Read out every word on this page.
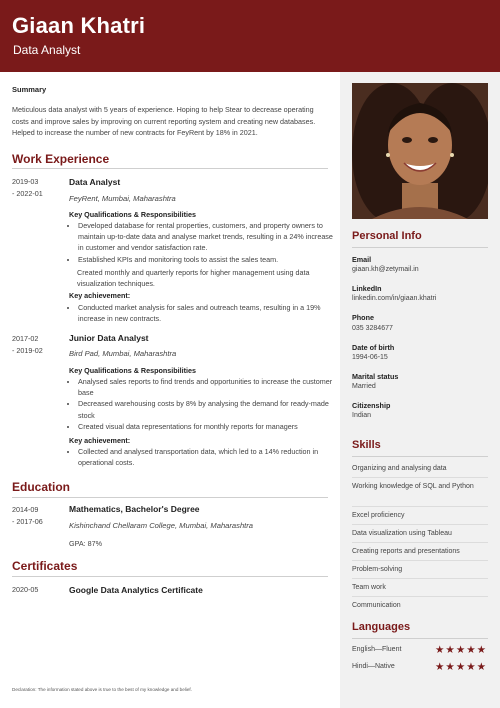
Giaan Khatri
Data Analyst
Summary
Meticulous data analyst with 5 years of experience. Hoping to help Stear to decrease operating costs and improve sales by improving on current reporting system and creating new databases. Helped to increase the number of new contracts for FeyRent by 18% in 2021.
Work Experience
2019-03
- 2022-01
Data Analyst
FeyRent, Mumbai, Maharashtra
Key Qualifications & Responsibilities
• Developed database for rental properties, customers, and property owners to maintain up-to-date data and analyse market trends, resulting in a 24% increase in customer and vendor satisfaction rate.
• Established KPIs and monitoring tools to assist the sales team.
Created monthly and quarterly reports for higher management using data visualization techniques.
Key achievement:
• Conducted market analysis for sales and outreach teams, resulting in a 19% increase in new contracts.
2017-02
- 2019-02
Junior Data Analyst
Bird Pad, Mumbai, Maharashtra
Key Qualifications & Responsibilities
• Analysed sales reports to find trends and opportunities to increase the customer base
• Decreased warehousing costs by 8% by analysing the demand for ready-made stock
• Created visual data representations for monthly reports for managers
Key achievement:
• Collected and analysed transportation data, which led to a 14% reduction in operational costs.
Education
2014-09
- 2017-06
Mathematics, Bachelor's Degree
Kishinchand Chellaram College, Mumbai, Maharashtra
GPA: 87%
Certificates
2020-05	Google Data Analytics Certificate
Declaration: The information stated above is true to the best of my knowledge and belief.
Personal Info
Email
giaan.kh@zetymail.in
LinkedIn
linkedin.com/in/giaan.khatri
Phone
035 3284677
Date of birth
1994-06-15
Marital status
Married
Citizenship
Indian
Skills
Organizing and analysing data
Working knowledge of SQL and Python
Excel proficiency
Data visualization using Tableau
Creating reports and presentations
Problem-solving
Team work
Communication
Languages
English—Fluent	★★★★★
Hindi—Native	★★★★★
